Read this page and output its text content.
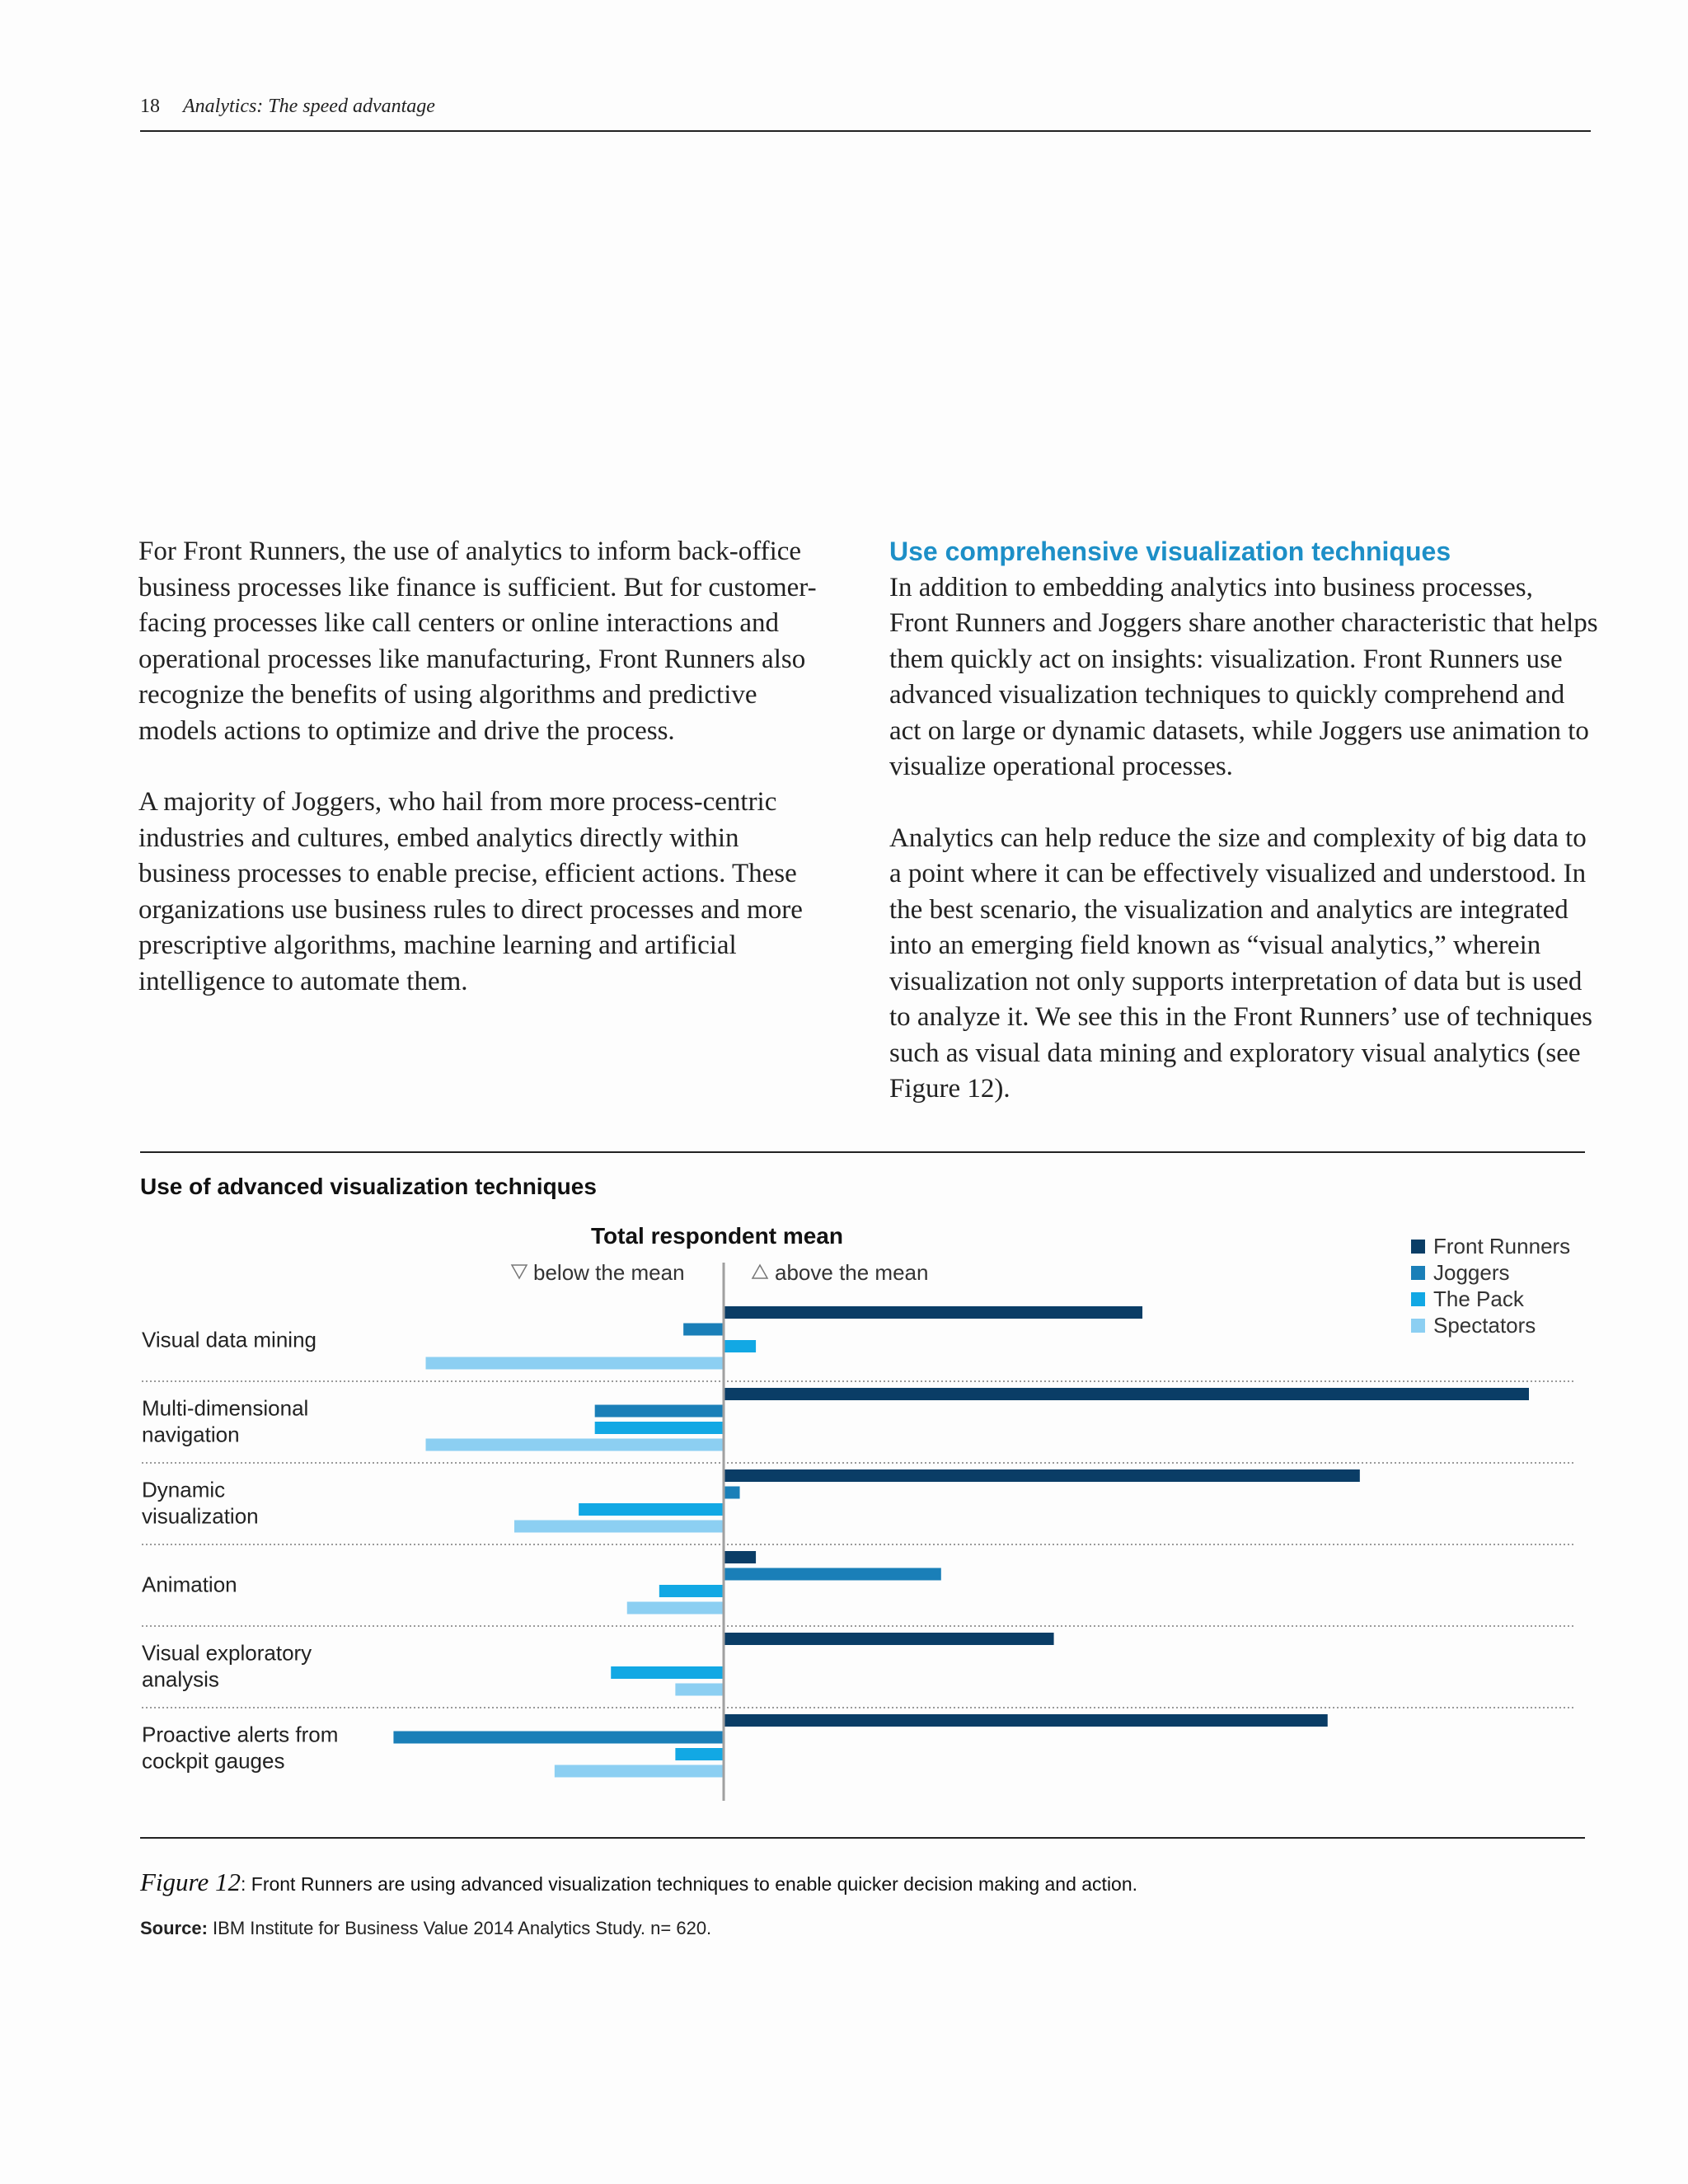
18 Analytics: The speed advantage

For Front Runners, the use of analytics to inform back-office business processes like finance is sufficient. But for customer-facing processes like call centers or online interactions and operational processes like manufacturing, Front Runners also recognize the benefits of using algorithms and predictive models actions to optimize and drive the process.

A majority of Joggers, who hail from more process-centric industries and cultures, embed analytics directly within business processes to enable precise, efficient actions. These organizations use business rules to direct processes and more prescriptive algorithms, machine learning and artificial intelligence to automate them.

Use comprehensive visualization techniques

In addition to embedding analytics into business processes, Front Runners and Joggers share another characteristic that helps them quickly act on insights: visualization. Front Runners use advanced visualization techniques to quickly comprehend and act on large or dynamic datasets, while Joggers use animation to visualize operational processes.

Analytics can help reduce the size and complexity of big data to a point where it can be effectively visualized and understood. In the best scenario, the visualization and analytics are integrated into an emerging field known as “visual analytics,” wherein visualization not only supports interpretation of data but is used to analyze it. We see this in the Front Runners’ use of techniques such as visual data mining and exploratory visual analytics (see Figure 12).

Use of advanced visualization techniques
Total respondent mean
below the mean	above the mean
Visual data mining
Multi-dimensional navigation
Dynamic visualization
Animation
Visual exploratory analysis
Proactive alerts from cockpit gauges
Front Runners
Joggers
The Pack
Spectators
Figure 12: Front Runners are using advanced visualization techniques to enable quicker decision making and action.
Source: IBM Institute for Business Value 2014 Analytics Study. n= 620.
